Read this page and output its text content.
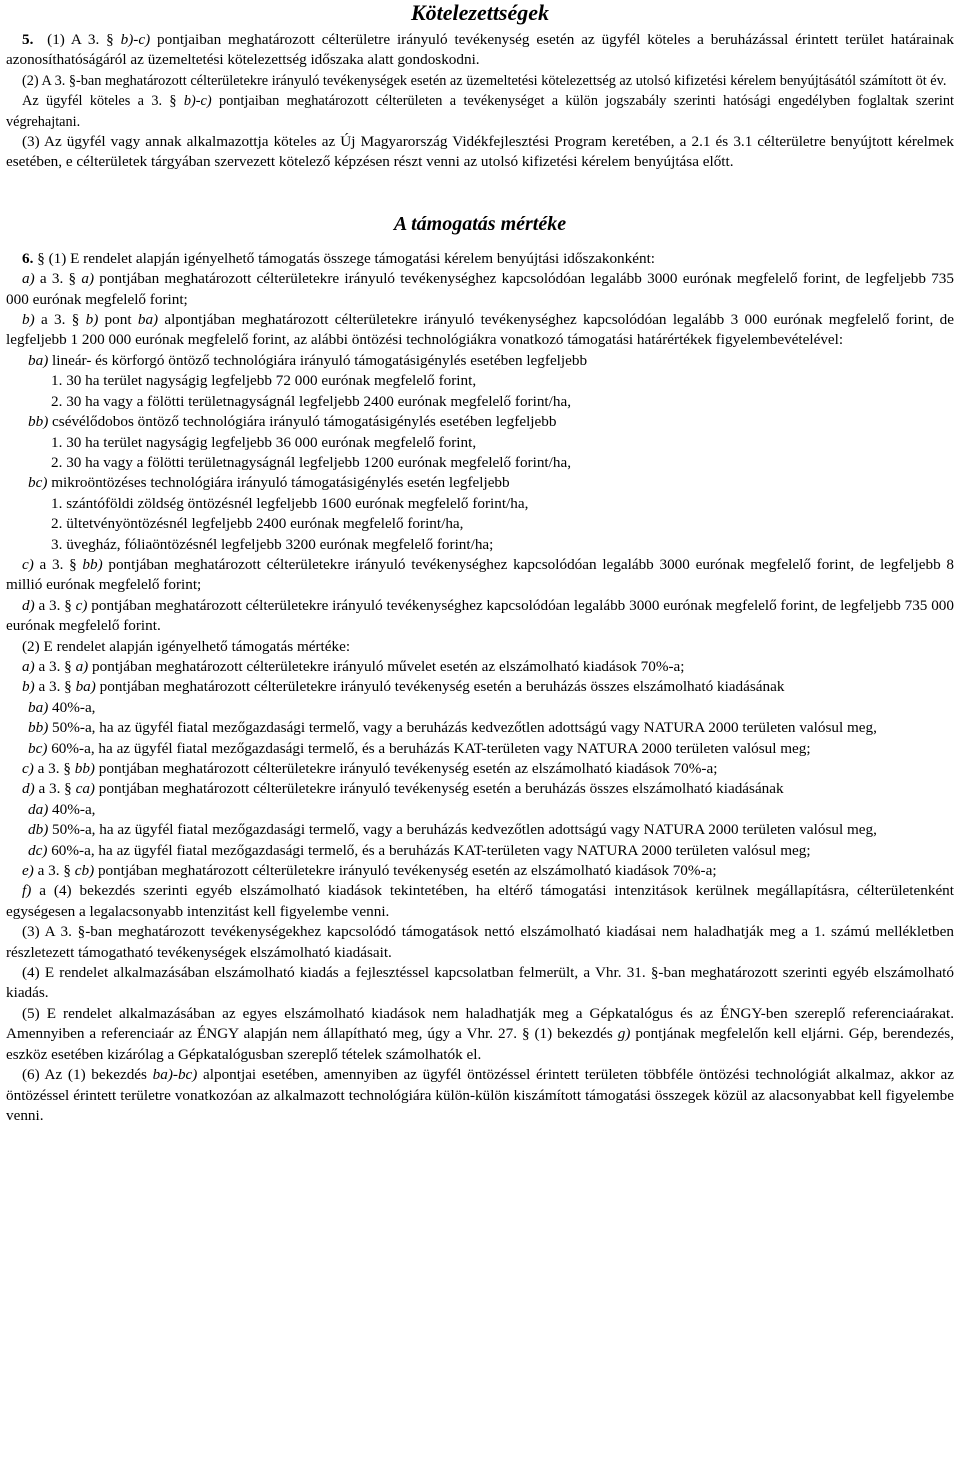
Kötelezettségek

5. (1) A 3. § b)-c) pontjaiban meghatározott célterületre irányuló tevékenység esetén az ügyfél köteles a beruházással érintett terület határainak azonosíthatóságáról az üzemeltetési kötelezettség időszaka alatt gondoskodni.

(2) A 3. §-ban meghatározott célterületekre irányuló tevékenységek esetén az üzemeltetési kötelezettség az utolsó kifizetési kérelem benyújtásától számított öt év.

Az ügyfél köteles a 3. § b)-c) pontjaiban meghatározott célterületen a tevékenységet a külön jogszabály szerinti hatósági engedélyben foglaltak szerint végrehajtani.

(3) Az ügyfél vagy annak alkalmazottja köteles az Új Magyarország Vidékfejlesztési Program keretében, a 2.1 és 3.1 célterületre benyújtott kérelmek esetében, e célterületek tárgyában szervezett kötelező képzésen részt venni az utolsó kifizetési kérelem benyújtása előtt.

A támogatás mértéke

6. § (1) E rendelet alapján igényelhető támogatás összege támogatási kérelem benyújtási időszakonként:

a) a 3. § a) pontjában meghatározott célterületekre irányuló tevékenységhez kapcsolódóan legalább 3000 eurónak megfelelő forint, de legfeljebb 735 000 eurónak megfelelő forint;

b) a 3. § b) pont ba) alpontjában meghatározott célterületekre irányuló tevékenységhez kapcsolódóan legalább 3 000 eurónak megfelelő forint, de legfeljebb 1 200 000 eurónak megfelelő forint, az alábbi öntözési technológiákra vonatkozó támogatási határértékek figyelembevételével:

ba) lineár- és körforgó öntöző technológiára irányuló támogatásigénylés esetében legfeljebb

1. 30 ha terület nagyságig legfeljebb 72 000 eurónak megfelelő forint,

2. 30 ha vagy a fölötti területnagyságnál legfeljebb 2400 eurónak megfelelő forint/ha,

bb) csévélődobos öntöző technológiára irányuló támogatásigénylés esetében legfeljebb

1. 30 ha terület nagyságig legfeljebb 36 000 eurónak megfelelő forint,

2. 30 ha vagy a fölötti területnagyságnál legfeljebb 1200 eurónak megfelelő forint/ha,

bc) mikroöntözéses technológiára irányuló támogatásigénylés esetén legfeljebb

1. szántóföldi zöldség öntözésnél legfeljebb 1600 eurónak megfelelő forint/ha,

2. ültetvényöntözésnél legfeljebb 2400 eurónak megfelelő forint/ha,

3. üvegház, fóliaöntözésnél legfeljebb 3200 eurónak megfelelő forint/ha;

c) a 3. § bb) pontjában meghatározott célterületekre irányuló tevékenységhez kapcsolódóan legalább 3000 eurónak megfelelő forint, de legfeljebb 8 millió eurónak megfelelő forint;

d) a 3. § c) pontjában meghatározott célterületekre irányuló tevékenységhez kapcsolódóan legalább 3000 eurónak megfelelő forint, de legfeljebb 735 000 eurónak megfelelő forint.

(2) E rendelet alapján igényelhető támogatás mértéke:

a) a 3. § a) pontjában meghatározott célterületekre irányuló művelet esetén az elszámolható kiadások 70%-a;

b) a 3. § ba) pontjában meghatározott célterületekre irányuló tevékenység esetén a beruházás összes elszámolható kiadásának

ba) 40%-a,

bb) 50%-a, ha az ügyfél fiatal mezőgazdasági termelő, vagy a beruházás kedvezőtlen adottságú vagy NATURA 2000 területen valósul meg,

bc) 60%-a, ha az ügyfél fiatal mezőgazdasági termelő, és a beruházás KAT-területen vagy NATURA 2000 területen valósul meg;

c) a 3. § bb) pontjában meghatározott célterületekre irányuló tevékenység esetén az elszámolható kiadások 70%-a;

d) a 3. § ca) pontjában meghatározott célterületekre irányuló tevékenység esetén a beruházás összes elszámolható kiadásának

da) 40%-a,

db) 50%-a, ha az ügyfél fiatal mezőgazdasági termelő, vagy a beruházás kedvezőtlen adottságú vagy NATURA 2000 területen valósul meg,

dc) 60%-a, ha az ügyfél fiatal mezőgazdasági termelő, és a beruházás KAT-területen vagy NATURA 2000 területen valósul meg;

e) a 3. § cb) pontjában meghatározott célterületekre irányuló tevékenység esetén az elszámolható kiadások 70%-a;

f) a (4) bekezdés szerinti egyéb elszámolható kiadások tekintetében, ha eltérő támogatási intenzitások kerülnek megállapításra, célterületenként egységesen a legalacsonyabb intenzitást kell figyelembe venni.

(3) A 3. §-ban meghatározott tevékenységekhez kapcsolódó támogatások nettó elszámolható kiadásai nem haladhatják meg a 1. számú mellékletben részletezett támogatható tevékenységek elszámolható kiadásait.

(4) E rendelet alkalmazásában elszámolható kiadás a fejlesztéssel kapcsolatban felmerült, a Vhr. 31. §-ban meghatározott szerinti egyéb elszámolható kiadás.

(5) E rendelet alkalmazásában az egyes elszámolható kiadások nem haladhatják meg a Gépkatalógus és az ÉNGY-ben szereplő referenciaárakat. Amennyiben a referenciaár az ÉNGY alapján nem állapítható meg, úgy a Vhr. 27. § (1) bekezdés g) pontjának megfelelőn kell eljárni. Gép, berendezés, eszköz esetében kizárólag a Gépkatalógusban szereplő tételek számolhatók el.

(6) Az (1) bekezdés ba)-bc) alpontjai esetében, amennyiben az ügyfél öntözéssel érintett területen többféle öntözési technológiát alkalmaz, akkor az öntözéssel érintett területre vonatkozóan az alkalmazott technológiára külön-külön kiszámított támogatási összegek közül az alacsonyabbat kell figyelembe venni.
